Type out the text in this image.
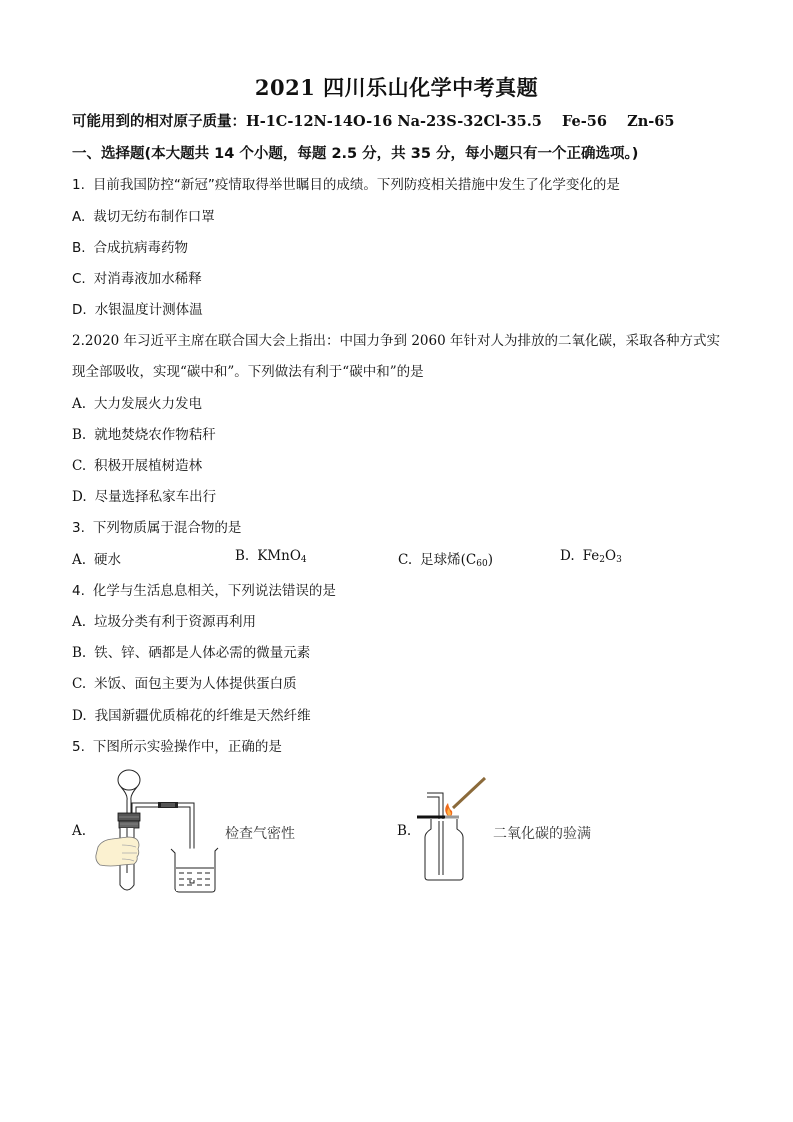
2021 四川乐山化学中考真题
可能用到的相对原子质量：H-1C-12N-14O-16 Na-23S-32Cl-35.5    Fe-56    Zn-65
一、选择题(本大题共 14 个小题，每题 2.5 分，共 35 分，每小题只有一个正确选项。)
1. 目前我国防控“新冠”疫情取得举世瞩目的成绩。下列防疫相关措施中发生了化学变化的是
A. 裁切无纺布制作口罩
B. 合成抗病毒药物
C. 对消毒液加水稀释
D. 水银温度计测体温
2.2020 年习近平主席在联合国大会上指出：中国力争到 2060 年针对人为排放的二氧化碳，采取各种方式实
现全部吸收，实现“碳中和”。下列做法有利于“碳中和”的是
A. 大力发展火力发电
B. 就地焚烧农作物秸秆
C. 积极开展植树造林
D. 尽量选择私家车出行
3. 下列物质属于混合物的是
A. 硬水	B. KMnO$_4$	C. 足球烯$(C_{60})$	D. $Fe_2O_3$
4. 化学与生活息息相关，下列说法错误的是
A. 垃圾分类有利于资源再利用
B. 铁、锌、硒都是人体必需的微量元素
C. 米饭、面包主要为人体提供蛋白质
D. 我国新疆优质棉花的纤维是天然纤维
5. 下图所示实验操作中，正确的是
A.	检查气密性	B.	二氧化碳的验满
